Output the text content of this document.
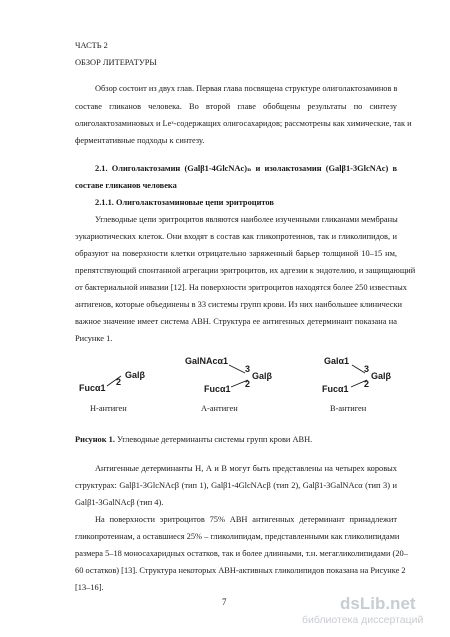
ЧАСТЬ 2
ОБЗОР ЛИТЕРАТУРЫ
Обзор состоит из двух глав. Первая глава посвящена структуре олиголактозаминов в
составе гликанов человека. Во второй главе обобщены результаты по синтезу
олиголактозаминовых и Leˣ-содержащих олигосахаридов; рассмотрены как химические, так и
ферментативные подходы к синтезу.
2.1. Олиголактозамин (Galβ1-4GlcNAc)ₙ и изолактозамин (Galβ1-3GlcNAc) в
составе гликанов человека
2.1.1. Олиголактозаминовые цепи эритроцитов
Углеводные цепи эритроцитов являются наиболее изученными гликанами мембраны
эукариотических клеток. Они входят в состав как гликопротеинов, так и гликолипидов, и
образуют на поверхности клетки отрицательно заряженный барьер толщиной 10–15 нм,
препятствующий спонтанной агрегации эритроцитов, их адгезии к эндотелию, и защищающий
от бактериальной инвазии [12]. На поверхности эритроцитов находятся более 250 известных
антигенов, которые объединены в 33 системы групп крови. Из них наибольшее клинически
важное значение имеет система АВН. Структура ее антигенных детерминант показана на
Рисунке 1.
Fucα1
2
Galβ
GalNAcα1
3
Galβ
2
Fucα1
Galα1
3
Galβ
2
Fucα1
Н-антиген	А-антиген	В-антиген
Рисунок 1. Углеводные детерминанты системы групп крови АВН.
Антигенные детерминанты Н, А и В могут быть представлены на четырех коровых
структурах: Galβ1-3GlcNAcβ (тип 1), Galβ1-4GlcNAcβ (тип 2), Galβ1-3GalNAcα (тип 3) и
Galβ1-3GalNAcβ (тип 4).
На поверхности эритроцитов 75% АВН антигенных детерминант принадлежит
гликопротеинам, а оставшиеся 25% – гликолипидам, представленными как гликолипидами
размера 5–18 моносахаридных остатков, так и более длинными, т.н. мегагликолипидами (20–
60 остатков) [13]. Структура некоторых АВН-активных гликолипидов показана на Рисунке 2
[13–16].
7	dsLib.net
библиотека диссертаций
